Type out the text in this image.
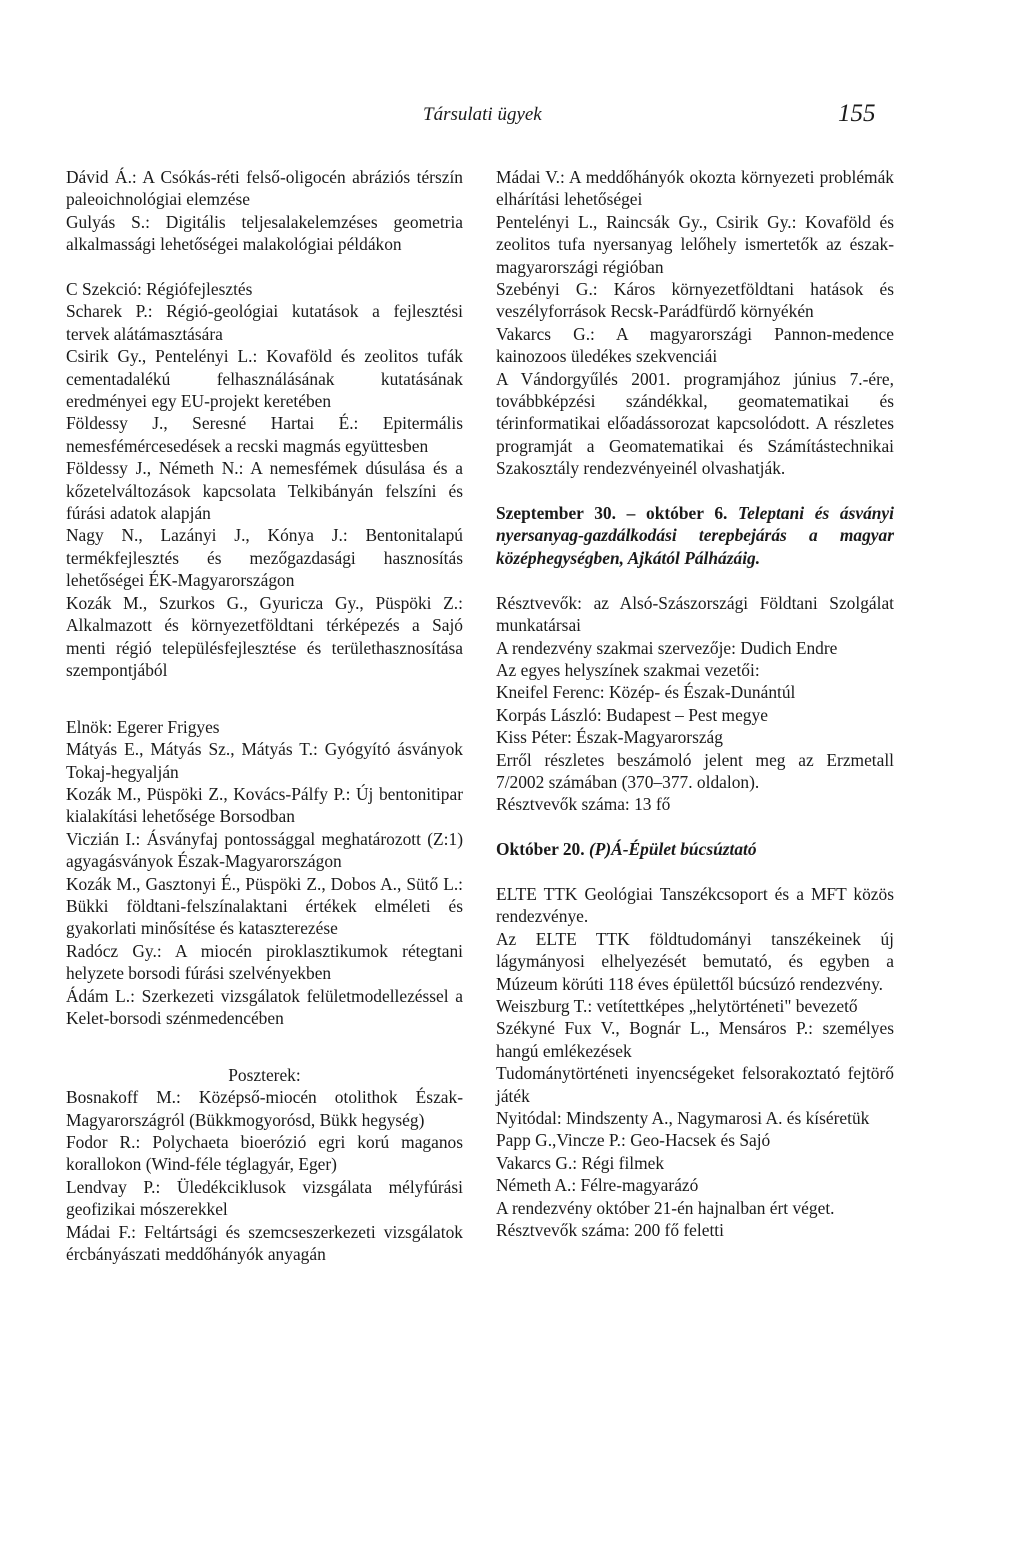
Társulati ügyek	155

Dávid Á.: A Csókás-réti felső-oligocén abráziós térszín paleoichnológiai elemzése

Gulyás S.: Digitális teljesalakelemzéses geometria alkalmassági lehetőségei malakológiai példákon

C Szekció: Régiófejlesztés

Scharek P.: Régió-geológiai kutatások a fejlesztési tervek alátámasztására

Csirik Gy., Pentelényi L.: Kovaföld és zeolitos tufák cementadalékú felhasználásának kutatásának eredményei egy EU-projekt keretében

Földessy J., Seresné Hartai É.: Epitermális nemesfémércesedések a recski magmás együttesben

Földessy J., Németh N.: A nemesfémek dúsulása és a kőzetelváltozások kapcsolata Telkibányán felszíni és fúrási adatok alapján

Nagy N., Lazányi J., Kónya J.: Bentonitalapú termékfejlesztés és mezőgazdasági hasznosítás lehetőségei ÉK-Magyarországon

Kozák M., Szurkos G., Gyuricza Gy., Püspöki Z.: Alkalmazott és környezetföldtani térképezés a Sajó menti régió településfejlesztése és területhasznosítása szempontjából

Elnök: Egerer Frigyes

Mátyás E., Mátyás Sz., Mátyás T.: Gyógyító ásványok Tokaj-hegyalján

Kozák M., Püspöki Z., Kovács-Pálfy P.: Új bentonitipar kialakítási lehetősége Borsodban

Viczián I.: Ásványfaj pontossággal meghatározott (Z:1) agyagásványok Észak-Magyarországon

Kozák M., Gasztonyi É., Püspöki Z., Dobos A., Sütő L.: Bükki földtani-felszínalaktani értékek elméleti és gyakorlati minősítése és kataszterezése

Radócz Gy.: A miocén piroklasztikumok rétegtani helyzete borsodi fúrási szelvényekben

Ádám L.: Szerkezeti vizsgálatok felületmodellezéssel a Kelet-borsodi szénmedencében

Poszterek:

Bosnakoff M.: Középső-miocén otolithok Észak-Magyarországról (Bükkmogyorósd, Bükk hegység)

Fodor R.: Polychaeta bioerózió egri korú maganos korallokon (Wind-féle téglagyár, Eger)

Lendvay P.: Üledékciklusok vizsgálata mélyfúrási geofizikai mószerekkel

Mádai F.: Feltártsági és szemcseszerkezeti vizsgálatok ércbányászati meddőhányók anyagán

Mádai V.: A meddőhányók okozta környezeti problémák elhárítási lehetőségei

Pentelényi L., Raincsák Gy., Csirik Gy.: Kovaföld és zeolitos tufa nyersanyag lelőhely ismertetők az észak-magyarországi régióban

Szebényi G.: Káros környezetföldtani hatások és veszélyforrások Recsk-Parádfürdő környékén

Vakarcs G.: A magyarországi Pannon-medence kainozoos üledékes szekvenciái

A Vándorgyűlés 2001. programjához június 7.-ére, továbbképzési szándékkal, geomatematikai és térinformatikai előadássorozat kapcsolódott. A részletes programját a Geomatematikai és Számítástechnikai Szakosztály rendezvényeinél olvashatják.

Szeptember 30. – október 6. Teleptani és ásványi nyersanyag-gazdálkodási terepbejárás a magyar középhegységben, Ajkától Pálházáig.

Résztvevők: az Alsó-Szászországi Földtani Szolgálat munkatársai

A rendezvény szakmai szervezője: Dudich Endre

Az egyes helyszínek szakmai vezetői:

Kneifel Ferenc: Közép- és Észak-Dunántúl

Korpás László: Budapest – Pest megye

Kiss Péter: Észak-Magyarország

Erről részletes beszámoló jelent meg az Erzmetall 7/2002 számában (370–377. oldalon).

Résztvevők száma: 13 fő

Október 20. (P)Á-Épület búcsúztató

ELTE TTK Geológiai Tanszékcsoport és a MFT közös rendezvénye.

Az ELTE TTK földtudományi tanszékeinek új lágymányosi elhelyezését bemutató, és egyben a Múzeum körúti 118 éves épülettől búcsúzó rendezvény.

Weiszburg T.: vetítettképes „helytörténeti" bevezető

Székyné Fux V., Bognár L., Mensáros P.: személyes hangú emlékezések

Tudománytörténeti inyencségeket felsorakoztató fejtörő játék

Nyitódal: Mindszenty A., Nagymarosi A. és kíséretük

Papp G.,Vincze P.: Geo-Hacsek és Sajó

Vakarcs G.: Régi filmek

Németh A.: Félre-magyarázó

A rendezvény október 21-én hajnalban ért véget.

Résztvevők száma: 200 fő feletti
